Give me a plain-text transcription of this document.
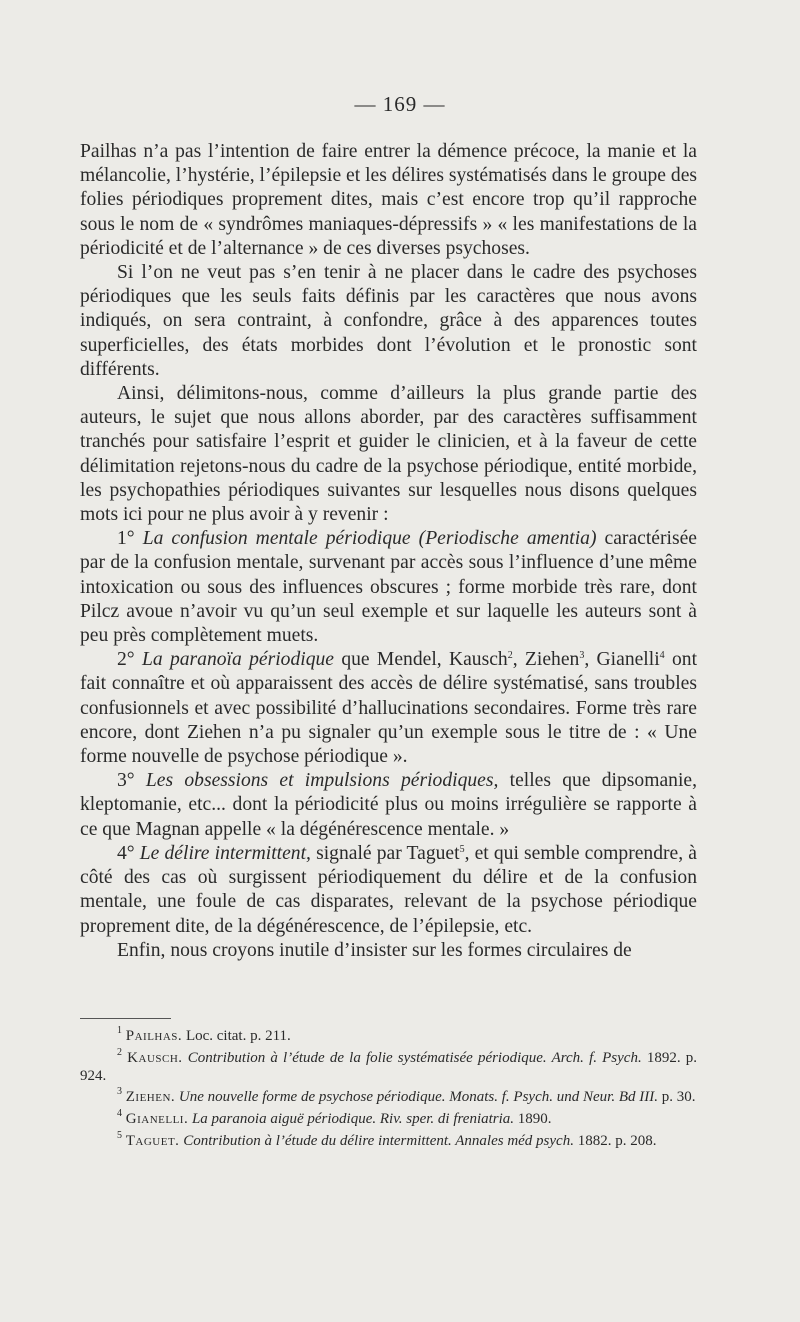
— 169 —

Pailhas n’a pas l’intention de faire entrer la démence précoce, la manie et la mélancolie, l’hystérie, l’épilepsie et les délires systématisés dans le groupe des folies périodiques proprement dites, mais c’est encore trop qu’il rapproche sous le nom de « syndrômes maniaques-dépressifs » « les manifestations de la périodicité et de l’alternance » de ces diverses psychoses.

Si l’on ne veut pas s’en tenir à ne placer dans le cadre des psychoses périodiques que les seuls faits définis par les caractères que nous avons indiqués, on sera contraint, à confondre, grâce à des apparences toutes superficielles, des états morbides dont l’évolution et le pronostic sont différents.

Ainsi, délimitons-nous, comme d’ailleurs la plus grande partie des auteurs, le sujet que nous allons aborder, par des caractères suffisamment tranchés pour satisfaire l’esprit et guider le clinicien, et à la faveur de cette délimitation rejetons-nous du cadre de la psychose périodique, entité morbide, les psychopathies périodiques suivantes sur lesquelles nous disons quelques mots ici pour ne plus avoir à y revenir :

1° La confusion mentale périodique (Periodische amentia) caractérisée par de la confusion mentale, survenant par accès sous l’influence d’une même intoxication ou sous des influences obscures ; forme morbide très rare, dont Pilcz avoue n’avoir vu qu’un seul exemple et sur laquelle les auteurs sont à peu près complètement muets.

2° La paranoïa périodique que Mendel, Kausch$^2$, Ziehen$^3$, Gianelli$^4$ ont fait connaître et où apparaissent des accès de délire systématisé, sans troubles confusionnels et avec possibilité d’hallucinations secondaires. Forme très rare encore, dont Ziehen n’a pu signaler qu’un exemple sous le titre de : « Une forme nouvelle de psychose périodique ».

3° Les obsessions et impulsions périodiques, telles que dipsomanie, kleptomanie, etc... dont la périodicité plus ou moins irrégulière se rapporte à ce que Magnan appelle « la dégénérescence mentale. »

4° Le délire intermittent, signalé par Taguet$^5$, et qui semble comprendre, à côté des cas où surgissent périodiquement du délire et de la confusion mentale, une foule de cas disparates, relevant de la psychose périodique proprement dite, de la dégénérescence, de l’épilepsie, etc.

Enfin, nous croyons inutile d’insister sur les formes circulaires de

$^1$ Pailhas. Loc. citat. p. 211.

$^2$ Kausch. Contribution à l’étude de la folie systématisée périodique. Arch. f. Psych. 1892. p. 924.

$^3$ Ziehen. Une nouvelle forme de psychose périodique. Monats. f. Psych. und Neur. Bd III. p. 30.

$^4$ Gianelli. La paranoia aiguë périodique. Riv. sper. di freniatria. 1890.

$^5$ Taguet. Contribution à l’étude du délire intermittent. Annales méd psych. 1882. p. 208.
